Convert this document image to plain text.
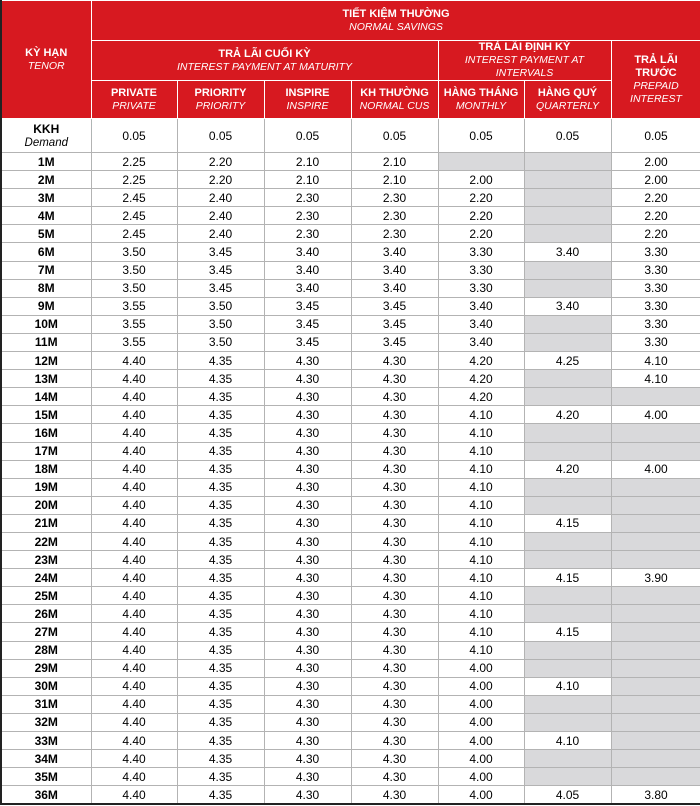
KỲ HẠN
TENOR	TIẾT KIỆM THƯỜNG
NORMAL SAVINGS						

	TRẢ LÃI CUỐI KỲ
INTEREST PAYMENT AT MATURITY				TRẢ LÃI ĐỊNH KỲ
INTEREST PAYMENT AT INTERVALS		TRẢ LÃI TRƯỚC
PREPAID INTEREST

	PRIVATE
PRIVATE	PRIORITY
PRIORITY	INSPIRE
INSPIRE	KH THƯỜNG
NORMAL CUS	HÀNG THÁNG
MONTHLY	HÀNG QUÝ
QUARTERLY	

KKH
Demand	0.05	0.05	0.05	0.05	0.05	0.05	0.05
1M	2.25	2.20	2.10	2.10			2.00
2M	2.25	2.20	2.10	2.10	2.00		2.00
3M	2.45	2.40	2.30	2.30	2.20		2.20
4M	2.45	2.40	2.30	2.30	2.20		2.20
5M	2.45	2.40	2.30	2.30	2.20		2.20
6M	3.50	3.45	3.40	3.40	3.30	3.40	3.30
7M	3.50	3.45	3.40	3.40	3.30		3.30
8M	3.50	3.45	3.40	3.40	3.30		3.30
9M	3.55	3.50	3.45	3.45	3.40	3.40	3.30
10M	3.55	3.50	3.45	3.45	3.40		3.30
11M	3.55	3.50	3.45	3.45	3.40		3.30
12M	4.40	4.35	4.30	4.30	4.20	4.25	4.10
13M	4.40	4.35	4.30	4.30	4.20		4.10
14M	4.40	4.35	4.30	4.30	4.20		
15M	4.40	4.35	4.30	4.30	4.10	4.20	4.00
16M	4.40	4.35	4.30	4.30	4.10		
17M	4.40	4.35	4.30	4.30	4.10		
18M	4.40	4.35	4.30	4.30	4.10	4.20	4.00
19M	4.40	4.35	4.30	4.30	4.10		
20M	4.40	4.35	4.30	4.30	4.10		
21M	4.40	4.35	4.30	4.30	4.10	4.15	
22M	4.40	4.35	4.30	4.30	4.10		
23M	4.40	4.35	4.30	4.30	4.10		
24M	4.40	4.35	4.30	4.30	4.10	4.15	3.90
25M	4.40	4.35	4.30	4.30	4.10		
26M	4.40	4.35	4.30	4.30	4.10		
27M	4.40	4.35	4.30	4.30	4.10	4.15	
28M	4.40	4.35	4.30	4.30	4.10		
29M	4.40	4.35	4.30	4.30	4.00		
30M	4.40	4.35	4.30	4.30	4.00	4.10	
31M	4.40	4.35	4.30	4.30	4.00		
32M	4.40	4.35	4.30	4.30	4.00		
33M	4.40	4.35	4.30	4.30	4.00	4.10	
34M	4.40	4.35	4.30	4.30	4.00		
35M	4.40	4.35	4.30	4.30	4.00		
36M	4.40	4.35	4.30	4.30	4.00	4.05	3.80
